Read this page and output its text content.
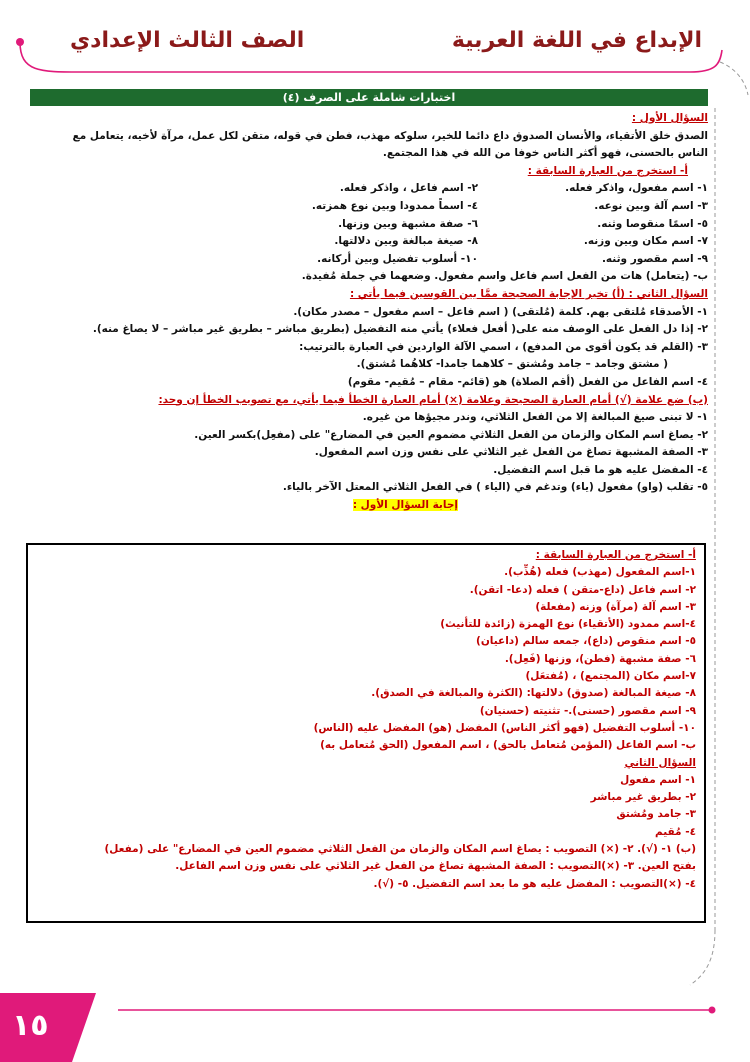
الإبداع في اللغة العربية
الصف الثالث الإعدادي
اختبارات شاملة على الصرف (٤)
السؤال الأول :
الصدق خلق الأتقياء، والأنسان الصدوق داع دائما للخير، سلوكه مهذب، فطن في قوله، متقن لكل عمل، مرآة لأخيه، يتعامل مع
الناس بالحسنى، فهو أكثر الناس خوفا من الله في هذا المجتمع.
أ- استخرج من العبارة السابقة :
١- اسم مفعول، واذكر فعله.
٢- اسم فاعل ، واذكر فعله.
٣- اسم آلة وبين نوعه.
٤- اسماً ممدودا وبين نوع همزته.
٥- اسمًا منقوصا وثنه.
٦- صفة مشبهة وبين وزنها.
٧- اسم مكان وبين وزنه.
٨- صيغة مبالغة وبين دلالتها.
٩- اسم مقصور وثنه.
١٠- أسلوب تفضيل وبين أركانه.
ب- (يتعامل) هات من الفعل اسم فاعل واسم مفعول. وضعهما في جملة مُفيدة.
السؤال الثاني : (أ) تخير الإجابة الصحيحة ممَّا بين القوسين فيما يأتي :
١- الأصدقاء مُلتقى بهم. كلمة (مُلتقى) ( اسم فاعل – اسم مفعول – مصدر مكان).
٢- إذا دل الفعل على الوصف منه على( أفعل فعلاء) يأتي منه التفضيل (بطريق مباشر – بطريق غير مباشر – لا يصاغ منه).
٣- (القلم قد يكون أقوى من المدفع) ، اسمي الآلة الواردين في العبارة بالترتيب:
( مشتق وجامد – جامد ومُشتق – كلاهما جامدا- كلاهُما مُشتق).
٤- اسم الفاعل من الفعل (أقم الصلاة) هو (قائم- مقام – مُقيم- مقوم)
(ب) ضع علامة (√) أمام العبارة الصحيحة وعلامة (×) أمام العبارة الخطأ فيما يأتي، مع تصويب الخطأ إن وجد:
١- لا تبنى صيغ المبالغة إلا من الفعل الثلاثي، وندر مجيؤها من غيره.
٢- يصاغ اسم المكان والزمان من الفعل الثلاثي مضموم العين في المضارع" على (مفعِل)بكسر العين.
٣- الصفة المشبهة تصاغ من الفعل غير الثلاثي على نفس وزن اسم المفعول.
٤- المفضل عليه هو ما قبل اسم التفضيل.
٥- تقلب (واو) مفعول (ياء) وتدغم في (الياء ) في الفعل الثلاثي المعتل الآخر بالياء.
إجابة السؤال الأول :
أ- استخرج من العبارة السابقة :
١-اسم المفعول (مهذب) فعله (هُذِّب).
٢- اسم فاعل (داع-متقن ) فعله (دعا- اتقن).
٣- اسم آلة (مرآة) وزنه (مفعلة)
٤-اسم ممدود (الأتقياء) نوع الهمزة (زائدة للتأنيث)
٥- اسم منقوص (داع)، جمعه سالم (داعيان)
٦- صفة مشبهة (فطن)، وزنها (فَعِل).
٧-اسم مكان (المجتمع) ، (مُفتعَل)
٨- صيغة المبالغة (صدوق) دلالتها: (الكثرة والمبالغة في الصدق).
٩- اسم مقصور (حسنى).- تثنيته (حسنيان)
١٠- أسلوب التفضيل (فهو أكثر الناس) المفضل (هو) المفضل عليه (الناس)
ب- اسم الفاعل (المؤمن مُتعامل بالحق) ، اسم المفعول (الحق مُتعامل به)
السؤال الثاني
١- اسم مفعول
٢- بطريق غير مباشر
٣- جامد ومُشتق
٤- مُقيم
(ب) ١- (√). ٢- (×) التصويب : يصاغ اسم المكان والزمان من الفعل الثلاثي مضموم العين في المضارع" على (مفعل)
بفتح العين. ٣- (×)التصويب : الصفة المشبهة تصاغ من الفعل غير الثلاثي على نفس وزن اسم الفاعل.
٤- (×)التصويب : المفضل عليه هو ما بعد اسم التفضيل. ٥- (√).
١٥
